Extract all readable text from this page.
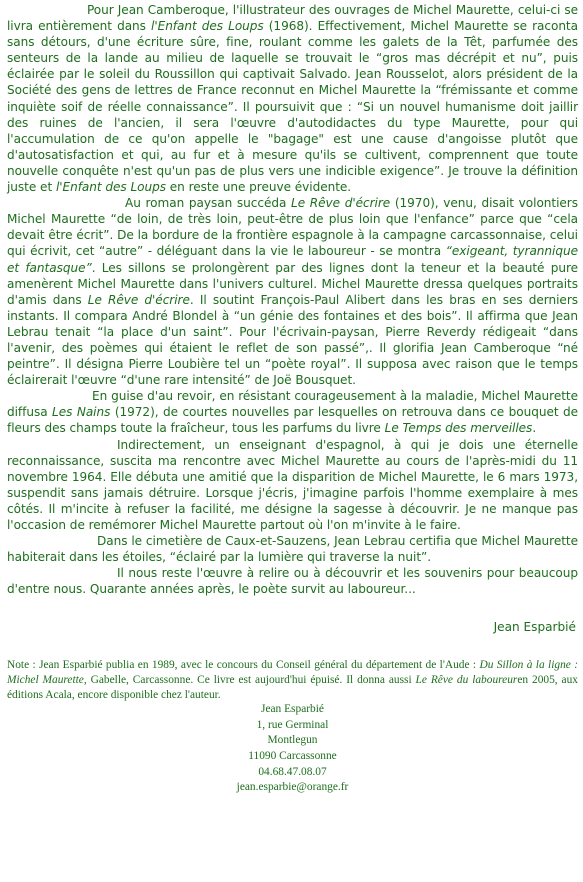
Pour Jean Camberoque, l'illustrateur des ouvrages de Michel Maurette, celui-ci se livra entièrement dans l'Enfant des Loups (1968). Effectivement, Michel Maurette se raconta sans détours, d'une écriture sûre, fine, roulant comme les galets de la Têt, parfumée des senteurs de la lande au milieu de laquelle se trouvait le “gros mas décrépit et nu”, puis éclairée par le soleil du Roussillon qui captivait Salvado. Jean Rousselot, alors président de la Société des gens de lettres de France reconnut en Michel Maurette la “frémissante et comme inquiète soif de réelle connaissance”. Il poursuivit que : “Si un nouvel humanisme doit jaillir des ruines de l'ancien, il sera l'œuvre d'autodidactes du type Maurette, pour qui l'accumulation de ce qu'on appelle le "bagage" est une cause d'angoisse plutôt que d'autosatisfaction et qui, au fur et à mesure qu'ils se cultivent, comprennent que toute nouvelle conquête n'est qu'un pas de plus vers une indicible exigence”. Je trouve la définition juste et l'Enfant des Loups en reste une preuve évidente.

Au roman paysan succéda Le Rêve d'écrire (1970), venu, disait volontiers Michel Maurette “de loin, de très loin, peut-être de plus loin que l'enfance” parce que “cela devait être écrit”. De la bordure de la frontière espagnole à la campagne carcassonnaise, celui qui écrivit, cet “autre” - déléguant dans la vie le laboureur - se montra “exigeant, tyrannique et fantasque”. Les sillons se prolongèrent par des lignes dont la teneur et la beauté pure amenèrent Michel Maurette dans l'univers culturel. Michel Maurette dressa quelques portraits d'amis dans Le Rêve d'écrire. Il soutint François-Paul Alibert dans les bras en ses derniers instants. Il compara André Blondel à “un génie des fontaines et des bois”. Il affirma que Jean Lebrau tenait “la place d'un saint”. Pour l'écrivain-paysan, Pierre Reverdy rédigeait “dans l'avenir, des poèmes qui étaient le reflet de son passé”,. Il glorifia Jean Camberoque “né peintre”. Il désigna Pierre Loubière tel un “poète royal”. Il supposa avec raison que le temps éclairerait l'œuvre “d'une rare intensité” de Joë Bousquet.

En guise d'au revoir, en résistant courageusement à la maladie, Michel Maurette diffusa Les Nains (1972), de courtes nouvelles par lesquelles on retrouva dans ce bouquet de fleurs des champs toute la fraîcheur, tous les parfums du livre Le Temps des merveilles.

Indirectement, un enseignant d'espagnol, à qui je dois une éternelle reconnaissance, suscita ma rencontre avec Michel Maurette au cours de l'après-midi du 11 novembre 1964. Elle débuta une amitié que la disparition de Michel Maurette, le 6 mars 1973, suspendit sans jamais détruire. Lorsque j'écris, j'imagine parfois l'homme exemplaire à mes côtés. Il m'incite à refuser la facilité, me désigne la sagesse à découvrir. Je ne manque pas l'occasion de remémorer Michel Maurette partout où l'on m'invite à le faire.

Dans le cimetière de Caux-et-Sauzens, Jean Lebrau certifia que Michel Maurette habiterait dans les étoiles, “éclairé par la lumière qui traverse la nuit”.

Il nous reste l'œuvre à relire ou à découvrir et les souvenirs pour beaucoup d'entre nous. Quarante années après, le poète survit au laboureur...

Jean Esparbié
Note : Jean Esparbié publia en 1989, avec le concours du Conseil général du département de l'Aude : Du Sillon à la ligne : Michel Maurette, Gabelle, Carcassonne. Ce livre est aujourd'hui épuisé. Il donna aussi Le Rêve du laboureuren 2005, aux éditions Acala, encore disponible chez l'auteur.
Jean Esparbié
1, rue Germinal
Montlegun
11090 Carcassonne
04.68.47.08.07
jean.esparbie@orange.fr
